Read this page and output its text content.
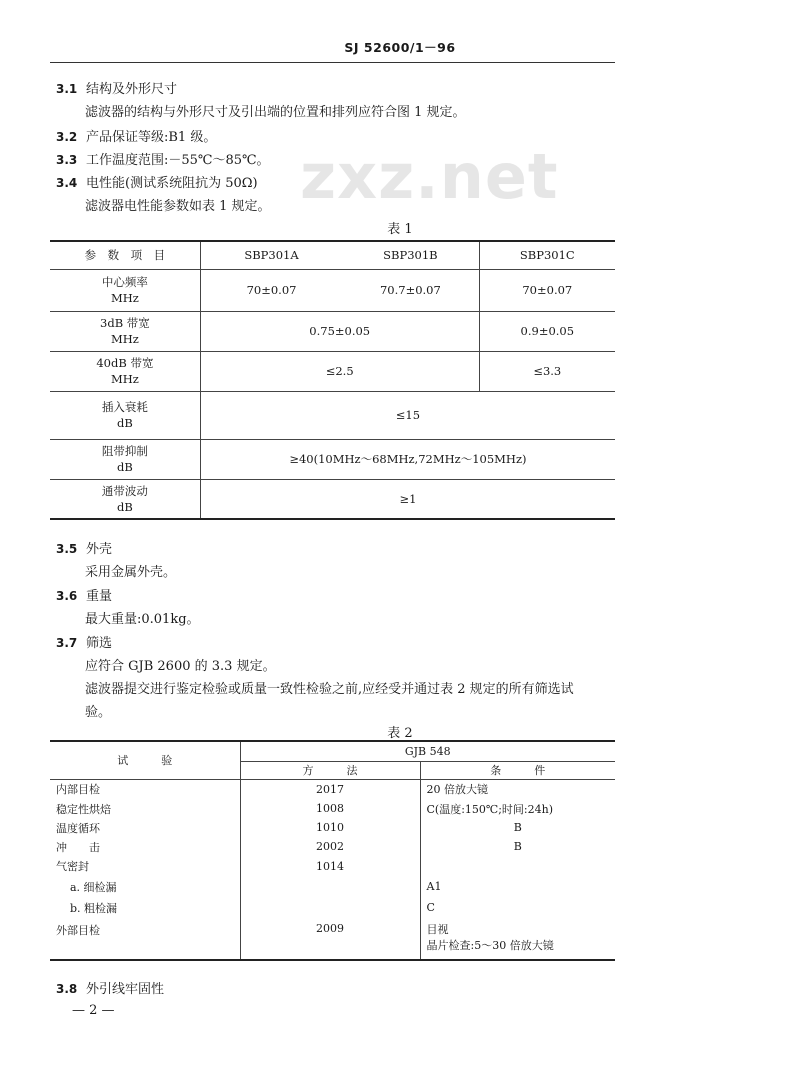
SJ 52600/1－96
zxz.net
3.1 结构及外形尺寸
滤波器的结构与外形尺寸及引出端的位置和排列应符合图 1 规定。
3.2 产品保证等级:B1 级。
3.3 工作温度范围:－55℃～85℃。
3.4 电性能(测试系统阻抗为 50Ω)
滤波器电性能参数如表 1 规定。
表 1
参　数　项　目	SBP301A	SBP301B	SBP301C

中心频率
MHz	70±0.07	70.7±0.07	70±0.07

3dB 带宽
MHz	0.75±0.05		0.9±0.05

40dB 带宽
MHz	≤2.5		≤3.3

插入衰耗
dB	≤15		

阻带抑制
dB	≥40(10MHz～68MHz,72MHz～105MHz)		

通带波动
dB	≥1		
3.5 外壳
采用金属外壳。
3.6 重量
最大重量:0.01kg。
3.7 筛选
应符合 GJB 2600 的 3.3 规定。
滤波器提交进行鉴定检验或质量一致性检验之前,应经受并通过表 2 规定的所有筛选试
验。
表 2
试　　　验	GJB 548	
	方　　　法	条　　　件
内部目检	2017	20 倍放大镜
稳定性烘焙	1008	C(温度:150℃;时间:24h)
温度循环	1010	B
冲　　击	2002	B
气密封	1014	
a. 细检漏		A1
b. 粗检漏		C
外部目检	2009	目视
晶片检查:5～30 倍放大镜
3.8 外引线牢固性
— 2 —
